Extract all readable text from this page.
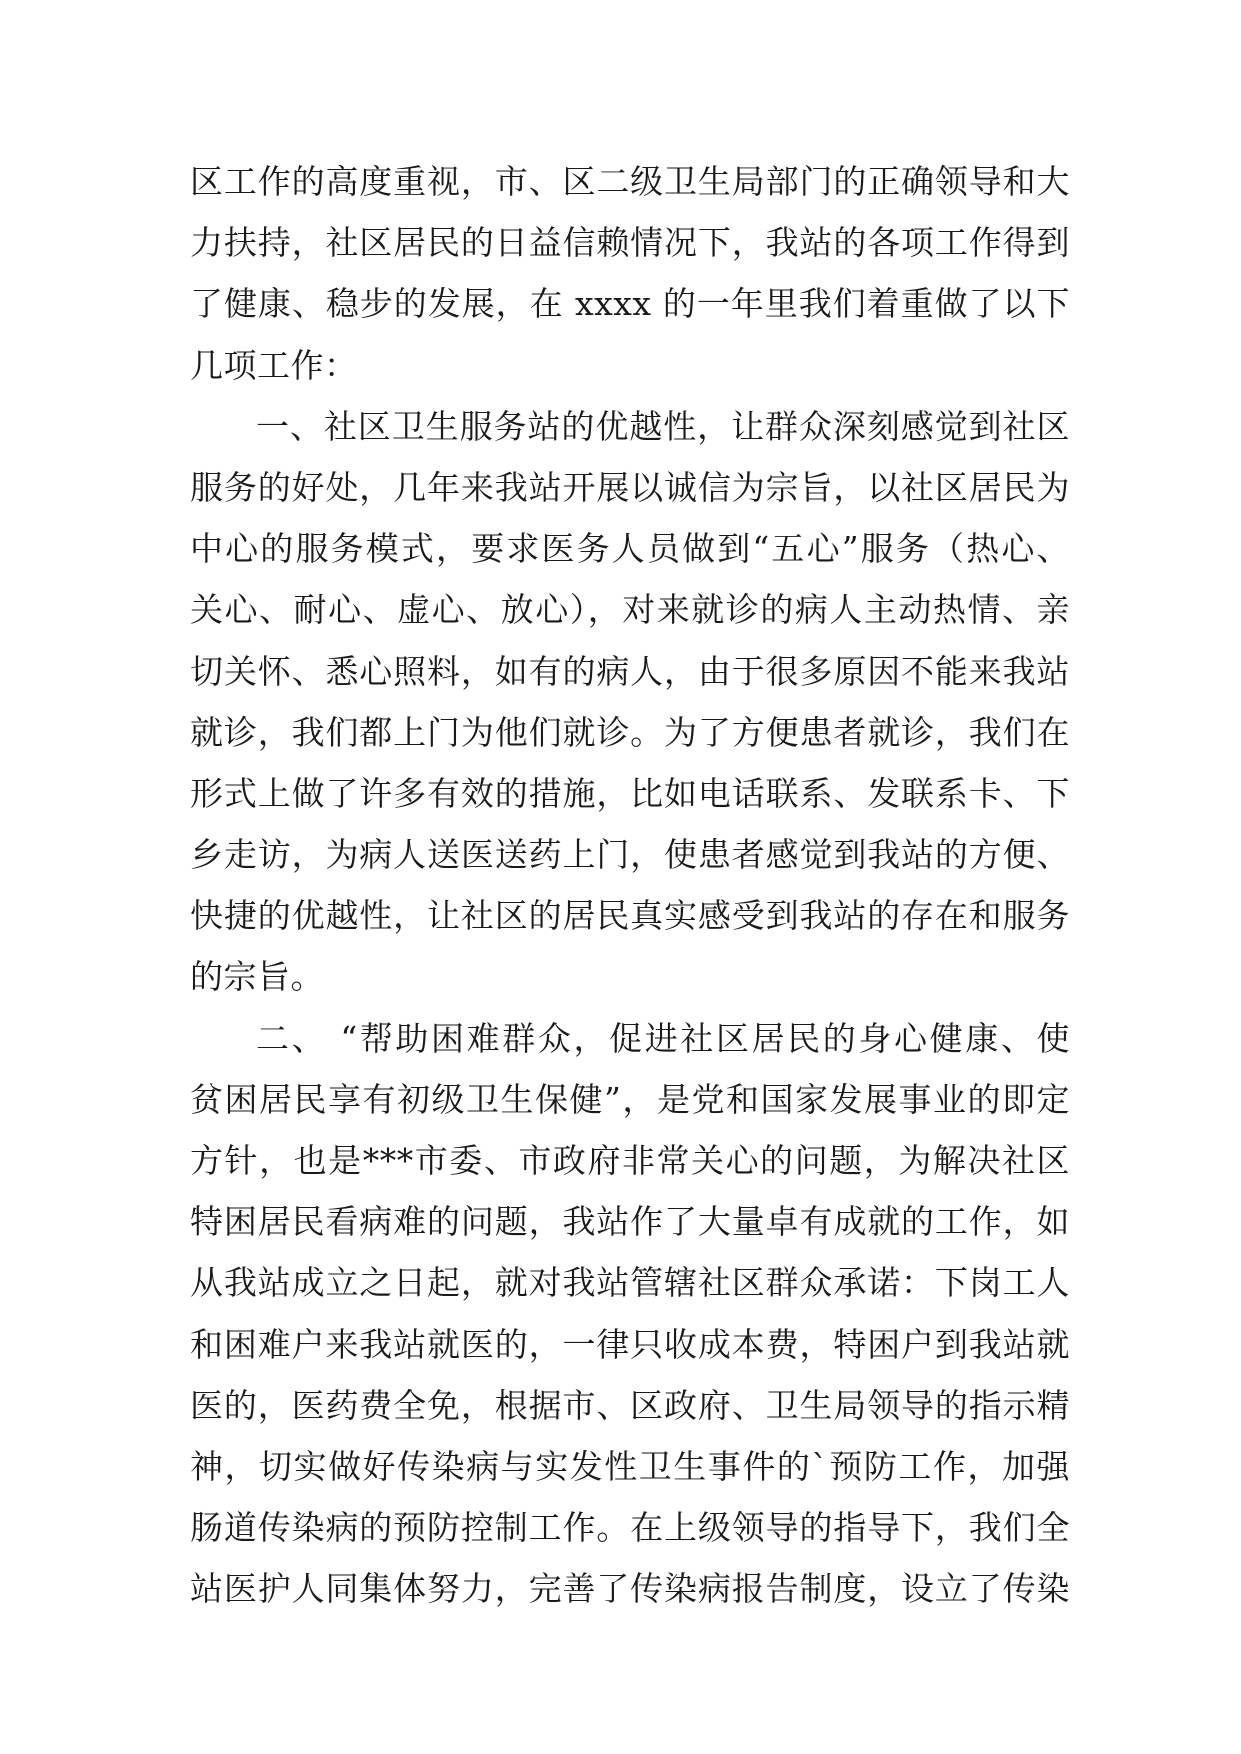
区工作的高度重视，市、区二级卫生局部门的正确领导和大
力扶持，社区居民的日益信赖情况下，我站的各项工作得到
了健康、稳步的发展，在 xxxx 的一年里我们着重做了以下
几项工作：
一、社区卫生服务站的优越性，让群众深刻感觉到社区
服务的好处，几年来我站开展以诚信为宗旨，以社区居民为
中心的服务模式，要求医务人员做到“五心”服务（热心、
关心、耐心、虚心、放心），对来就诊的病人主动热情、亲
切关怀、悉心照料，如有的病人，由于很多原因不能来我站
就诊，我们都上门为他们就诊。为了方便患者就诊，我们在
形式上做了许多有效的措施，比如电话联系、发联系卡、下
乡走访，为病人送医送药上门，使患者感觉到我站的方便、
快捷的优越性，让社区的居民真实感受到我站的存在和服务
的宗旨。
二、 “帮助困难群众，促进社区居民的身心健康、使
贫困居民享有初级卫生保健”，是党和国家发展事业的即定
方针，也是***市委、市政府非常关心的问题，为解决社区
特困居民看病难的问题，我站作了大量卓有成就的工作，如
从我站成立之日起，就对我站管辖社区群众承诺：下岗工人
和困难户来我站就医的，一律只收成本费，特困户到我站就
医的，医药费全免，根据市、区政府、卫生局领导的指示精
神，切实做好传染病与实发性卫生事件的`预防工作，加强
肠道传染病的预防控制工作。在上级领导的指导下，我们全
站医护人同集体努力，完善了传染病报告制度，设立了传染
